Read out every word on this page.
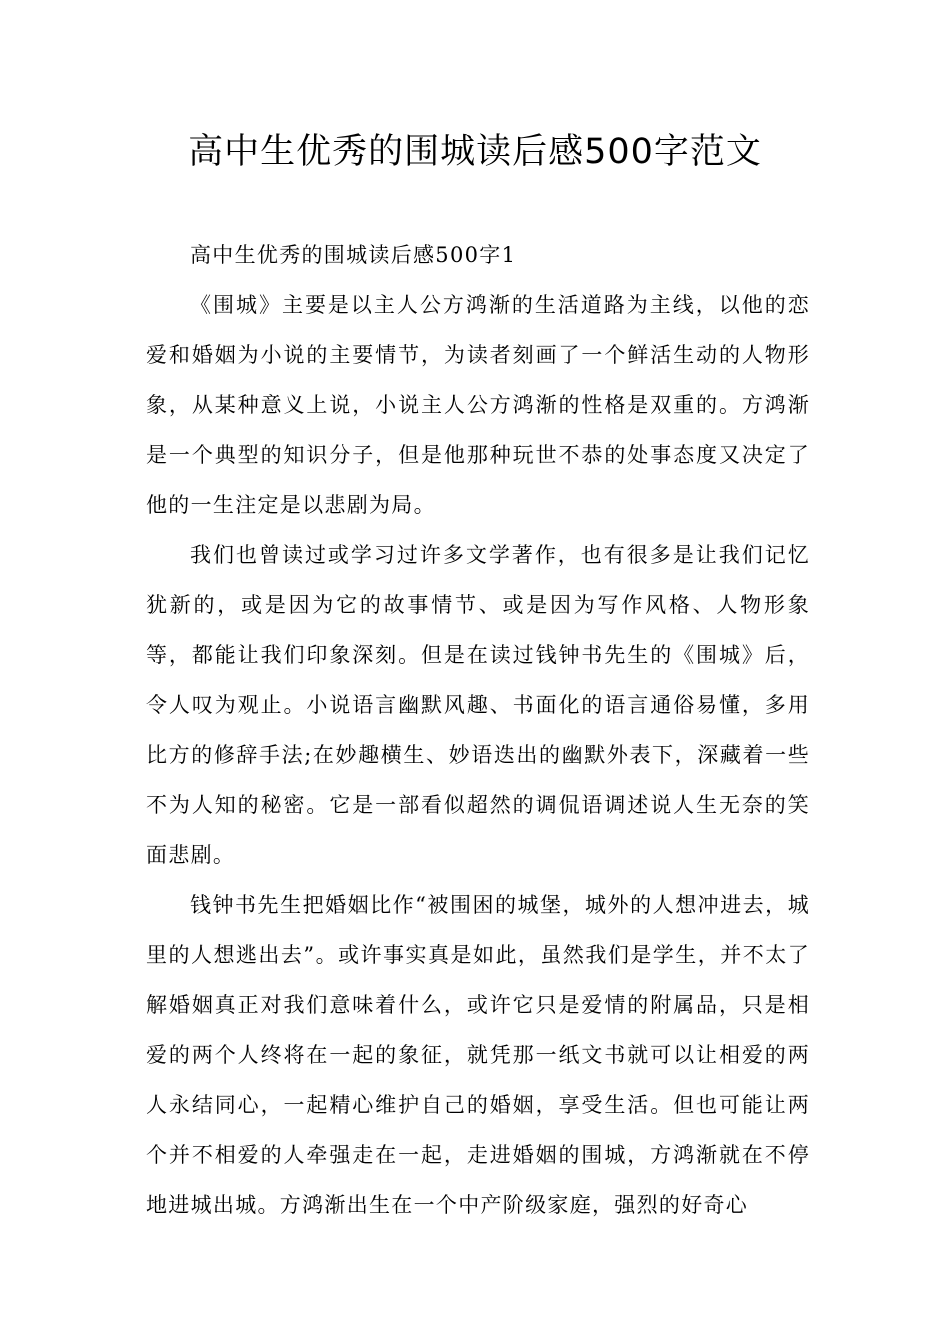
高中生优秀的围城读后感500字范文

高中生优秀的围城读后感500字1

《围城》主要是以主人公方鸿渐的生活道路为主线，以他的恋爱和婚姻为小说的主要情节，为读者刻画了一个鲜活生动的人物形象，从某种意义上说，小说主人公方鸿渐的性格是双重的。方鸿渐是一个典型的知识分子，但是他那种玩世不恭的处事态度又决定了他的一生注定是以悲剧为局。

我们也曾读过或学习过许多文学著作，也有很多是让我们记忆犹新的，或是因为它的故事情节、或是因为写作风格、人物形象等，都能让我们印象深刻。但是在读过钱钟书先生的《围城》后，令人叹为观止。小说语言幽默风趣、书面化的语言通俗易懂，多用比方的修辞手法;在妙趣横生、妙语迭出的幽默外表下，深藏着一些不为人知的秘密。它是一部看似超然的调侃语调述说人生无奈的笑面悲剧。

钱钟书先生把婚姻比作“被围困的城堡，城外的人想冲进去，城里的人想逃出去”。或许事实真是如此，虽然我们是学生，并不太了解婚姻真正对我们意味着什么，或许它只是爱情的附属品，只是相爱的两个人终将在一起的象征，就凭那一纸文书就可以让相爱的两人永结同心，一起精心维护自己的婚姻，享受生活。但也可能让两个并不相爱的人牵强走在一起，走进婚姻的围城，方鸿渐就在不停地进城出城。方鸿渐出生在一个中产阶级家庭，强烈的好奇心
